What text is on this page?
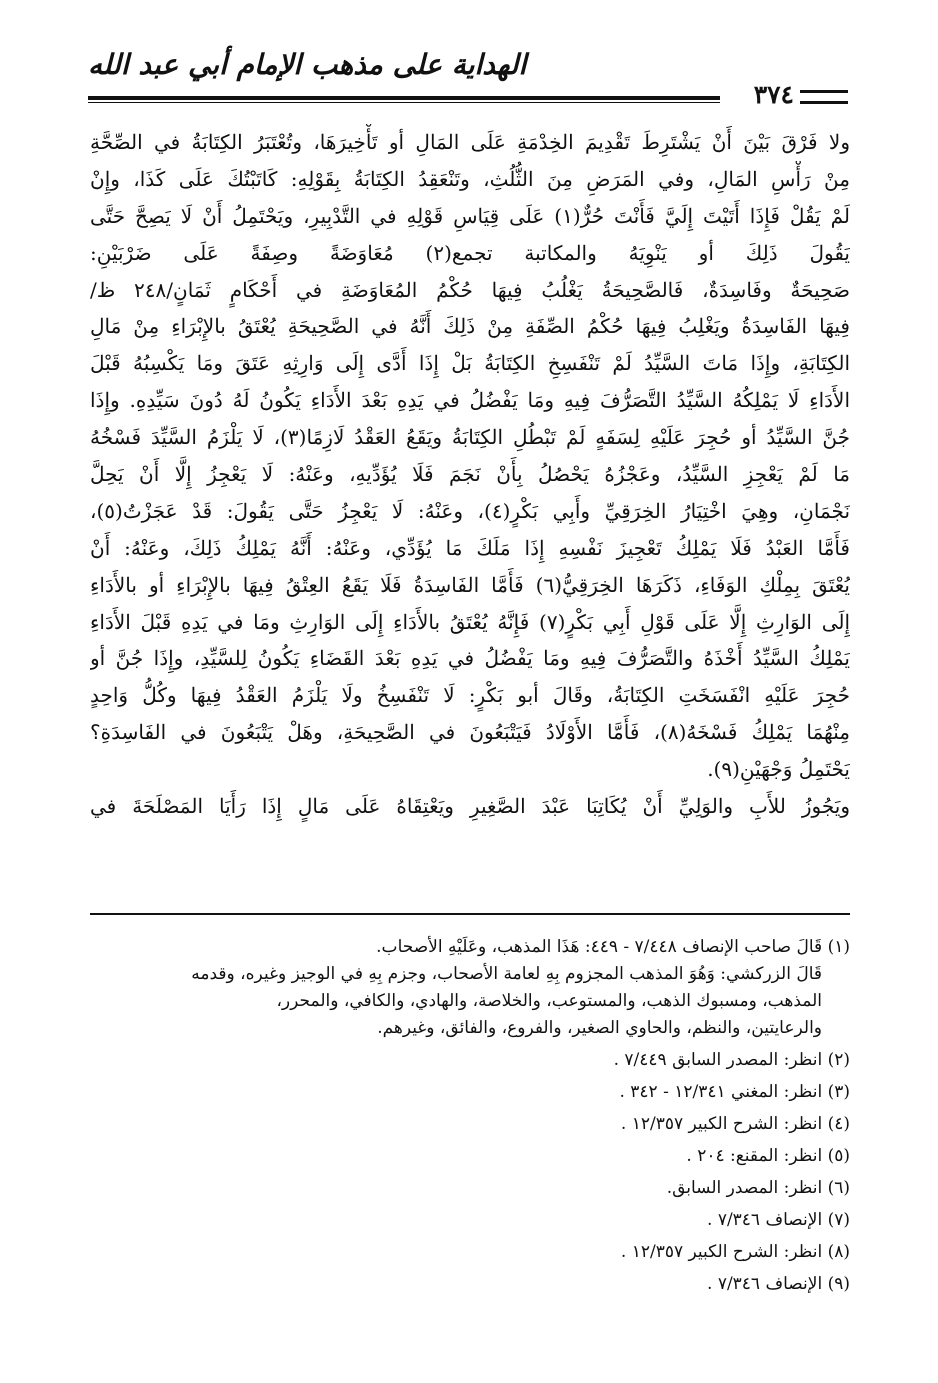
الهداية على مذهب الإمام أبي عبد الله
٣٧٤
ولا فَرْقَ بَيْنَ أَنْ يَشْتَرِطَ تَقْدِيمَ الخِدْمَةِ عَلَى المَالِ أو تَأْخِيرَهَا، وتُعْتَبَرُ الكِتَابَةُ في الصِّحَّةِ
مِنْ رَأْسِ المَالِ، وفي المَرَضِ مِنَ الثُّلُثِ، وتَنْعَقِدُ الكِتَابَةُ بِقَوْلِهِ: كَاتَبْتُكَ عَلَى كَذَا، وإِنْ
لَمْ يَقُلْ فَإِذَا أَتَيْتَ إِلَيَّ فَأَنْتَ حُرٌّ(١) عَلَى قِيَاسِ قَوْلِهِ في التَّدْبِيرِ، ويَحْتَمِلُ أَنْ لَا يَصِحَّ حَتَّى
يَقُولَ ذَلِكَ أو يَنْوِيَهُ والمكاتبة تجمع(٢) مُعَاوَضَةً وصِفَةً عَلَى ضَرْبَيْنِ:
صَحِيحَةٌ وفَاسِدَةٌ، فَالصَّحِيحَةُ يَغْلُبُ فِيهَا حُكْمُ المُعَاوَضَةِ في أَحْكَامٍ ثَمَانٍ/٢٤٨ ظ/
فِيهَا الفَاسِدَةُ ويَغْلِبُ فِيهَا حُكْمُ الصِّفَةِ مِنْ ذَلِكَ أَنَّهُ في الصَّحِيحَةِ يُعْتَقُ بالإِبْرَاءِ مِنْ مَالِ
الكِتَابَةِ، وإِذَا مَاتَ السَّيِّدُ لَمْ تَنْفَسِخِ الكِتَابَةُ بَلْ إِذَا أَدَّى إِلَى وَارِثِهِ عَتَقَ ومَا يَكْسِبُهُ قَبْلَ
الأَدَاءِ لَا يَمْلِكُهُ السَّيِّدُ التَّصَرُّفَ فِيهِ ومَا يَفْضُلُ في يَدِهِ بَعْدَ الأَدَاءِ يَكُونُ لَهُ دُونَ سَيِّدِهِ. وإِذَا
جُنَّ السَّيِّدُ أو حُجِرَ عَلَيْهِ لِسَفَهٍ لَمْ تَبْطُلِ الكِتَابَةُ ويَقَعُ العَقْدُ لَازِمًا(٣)، لَا يَلْزَمُ السَّيِّدَ فَسْخُهُ
مَا لَمْ يَعْجِزِ السَّيِّدُ، وعَجْزُهُ يَحْصُلُ بِأَنْ نَجَمَ فَلَا يُؤَدِّيهِ، وعَنْهُ: لَا يَعْجِزُ إِلَّا أَنْ يَحِلَّ
نَجْمَانِ، وهِيَ اخْتِيَارُ الخِرَقِيِّ وأَبِي بَكْرٍ(٤)، وعَنْهُ: لَا يَعْجِزُ حَتَّى يَقُولَ: قَدْ عَجَزْتُ(٥)،
فَأَمَّا العَبْدُ فَلَا يَمْلِكُ تَعْجِيزَ نَفْسِهِ إِذَا مَلَكَ مَا يُؤَدِّي، وعَنْهُ: أَنَّهُ يَمْلِكُ ذَلِكَ، وعَنْهُ: أَنْ
يُعْتَقَ بِمِلْكِ الوَفَاءِ، ذَكَرَهَا الخِرَقِيُّ(٦) فَأَمَّا الفَاسِدَةُ فَلَا يَقَعُ العِتْقُ فِيهَا بالإِبْرَاءِ أو بالأَدَاءِ
إِلَى الوَارِثِ إِلَّا عَلَى قَوْلِ أَبِي بَكْرٍ(٧) فَإِنَّهُ يُعْتَقُ بالأَدَاءِ إِلَى الوَارِثِ ومَا في يَدِهِ قَبْلَ الأَدَاءِ
يَمْلِكُ السَّيِّدُ أَخْذَهُ والتَّصَرُّفَ فِيهِ ومَا يَفْضُلُ في يَدِهِ بَعْدَ القَضَاءِ يَكُونُ لِلسَّيِّدِ، وإِذَا جُنَّ أو
حُجِرَ عَلَيْهِ انْفَسَخَتِ الكِتَابَةُ، وقَالَ أبو بَكْرٍ: لَا تَنْفَسِخُ ولَا يَلْزَمُ العَقْدُ فِيهَا وكُلُّ وَاحِدٍ
مِنْهُمَا يَمْلِكُ فَسْخَهُ(٨)، فَأَمَّا الأَوْلَادُ فَيَتْبَعُونَ في الصَّحِيحَةِ، وهَلْ يَتْبَعُونَ في الفَاسِدَةِ؟
يَحْتَمِلُ وَجْهَيْنِ(٩).
ويَجُوزُ للأَبِ والوَلِيِّ أَنْ يُكَاتِبَا عَبْدَ الصَّغِيرِ ويَعْتِقَاهُ عَلَى مَالٍ إِذَا رَأَيَا المَصْلَحَةَ في
(١) قَالَ صاحب الإنصاف ٧/٤٤٨ - ٤٤٩: هَذَا المذهب، وعَلَيْهِ الأصحاب.
قَالَ الزركشي: وَهُوَ المذهب المجزوم بِهِ لعامة الأصحاب، وجزم بِهِ في الوجيز وغيره، وقدمه
المذهب، ومسبوك الذهب، والمستوعب، والخلاصة، والهادي، والكافي، والمحرر،
والرعايتين، والنظم، والحاوي الصغير، والفروع، والفائق، وغيرهم.
(٢) انظر: المصدر السابق ٧/٤٤٩ .
(٣) انظر: المغني ١٢/٣٤١ - ٣٤٢ .
(٤) انظر: الشرح الكبير ١٢/٣٥٧ .
(٥) انظر: المقنع: ٢٠٤ .
(٦) انظر: المصدر السابق.
(٧) الإنصاف ٧/٣٤٦ .
(٨) انظر: الشرح الكبير ١٢/٣٥٧ .
(٩) الإنصاف ٧/٣٤٦ .
